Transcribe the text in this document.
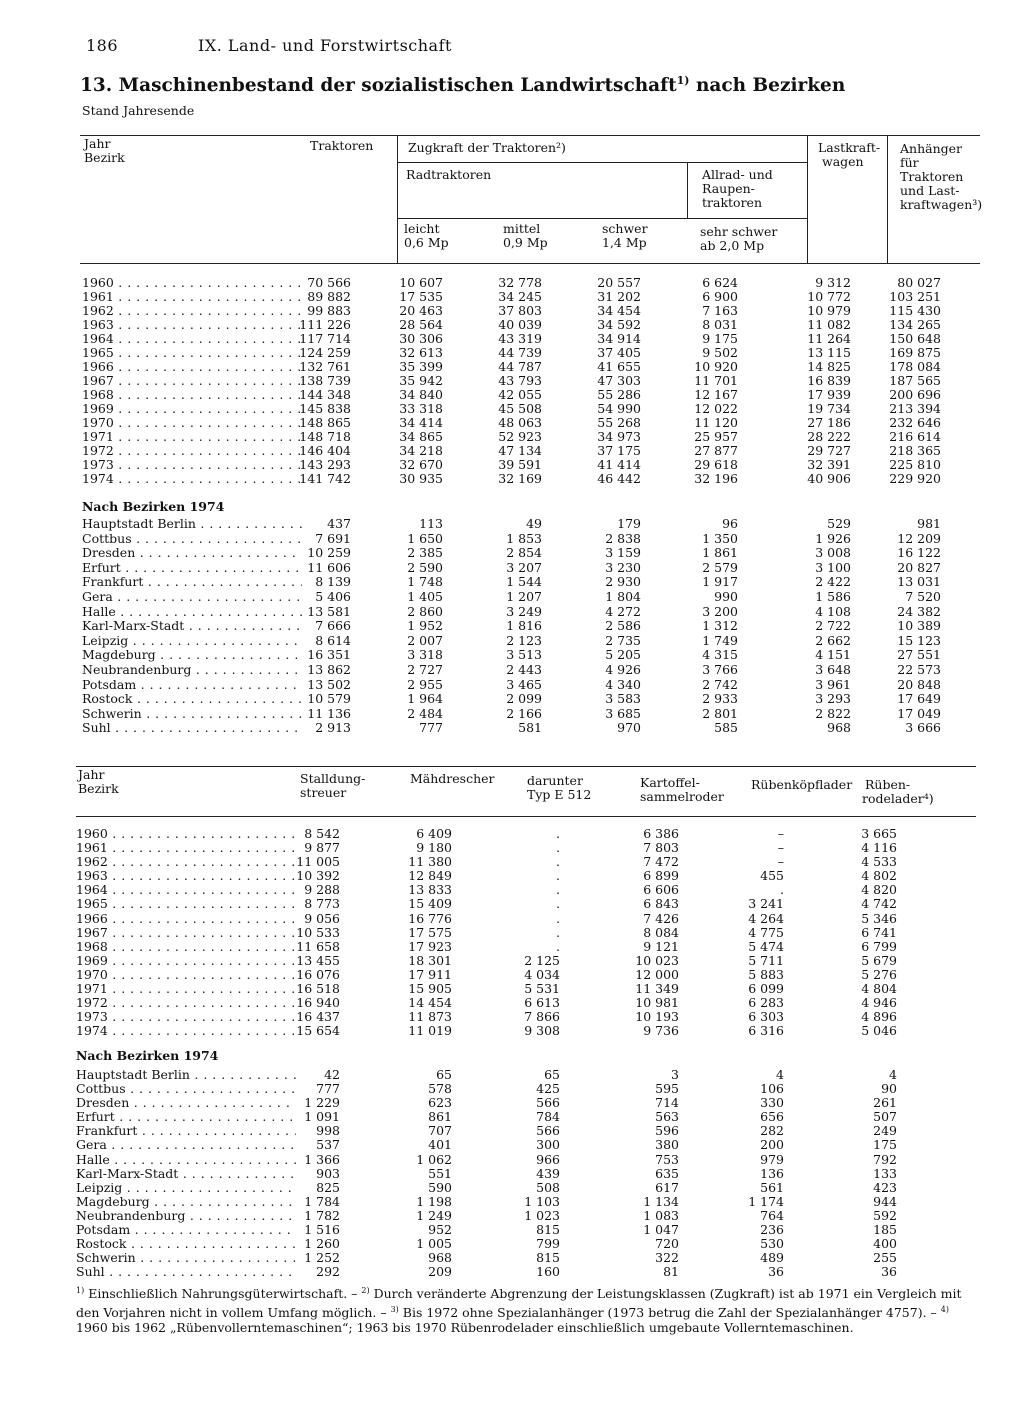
186	IX. Land- und Forstwirtschaft
13. Maschinenbestand der sozialistischen Landwirtschaft$^{1)}$ nach Bezirken
Stand Jahresende
Jahr
Bezirk
Traktoren	Zugkraft der Traktoren²)
Radtraktoren	Allrad- und
Raupen-
traktoren
leicht
0,6 Mp
mittel
0,9 Mp
schwer
1,4 Mp
sehr schwer
ab 2,0 Mp
Lastkraft-
wagen
Anhänger
für
Traktoren
und Last-
kraftwagen³)
1960 . . .	70 566	10 607	32 778	20 557	6 624	9 312	80 027
1961 . . .	89 882	17 535	34 245	31 202	6 900	10 772	103 251
1962 . . .	99 883	20 463	37 803	34 454	7 163	10 979	115 430
1963 . . .	111 226	28 564	40 039	34 592	8 031	11 082	134 265
1964 . . .	117 714	30 306	43 319	34 914	9 175	11 264	150 648
1965 . . .	124 259	32 613	44 739	37 405	9 502	13 115	169 875
1966 . . .	132 761	35 399	44 787	41 655	10 920	14 825	178 084
1967 . . .	138 739	35 942	43 793	47 303	11 701	16 839	187 565
1968 . . .	144 348	34 840	42 055	55 286	12 167	17 939	200 696
1969 . . .	145 838	33 318	45 508	54 990	12 022	19 734	213 394
1970 . . .	148 865	34 414	48 063	55 268	11 120	27 186	232 646
1971 . . .	148 718	34 865	52 923	34 973	25 957	28 222	216 614
1972 . . .	146 404	34 218	47 134	37 175	27 877	29 727	218 365
1973 . . .	143 293	32 670	39 591	41 414	29 618	32 391	225 810
1974 . . .	141 742	30 935	32 169	46 442	32 196	40 906	229 920
Nach Bezirken 1974
Hauptstadt Berlin . . .	437	113	49	179	96	529	981
Cottbus . . .	7 691	1 650	1 853	2 838	1 350	1 926	12 209
Dresden . . .	10 259	2 385	2 854	3 159	1 861	3 008	16 122
Erfurt . . .	11 606	2 590	3 207	3 230	2 579	3 100	20 827
Frankfurt . . .	8 139	1 748	1 544	2 930	1 917	2 422	13 031
Gera . . .	5 406	1 405	1 207	1 804	990	1 586	7 520
Halle . . .	13 581	2 860	3 249	4 272	3 200	4 108	24 382
Karl-Marx-Stadt . . .	7 666	1 952	1 816	2 586	1 312	2 722	10 389
Leipzig . . .	8 614	2 007	2 123	2 735	1 749	2 662	15 123
Magdeburg . . .	16 351	3 318	3 513	5 205	4 315	4 151	27 551
Neubrandenburg . . .	13 862	2 727	2 443	4 926	3 766	3 648	22 573
Potsdam . . .	13 502	2 955	3 465	4 340	2 742	3 961	20 848
Rostock . . .	10 579	1 964	2 099	3 583	2 933	3 293	17 649
Schwerin . . .	11 136	2 484	2 166	3 685	2 801	2 822	17 049
Suhl . . .	2 913	777	581	970	585	968	3 666
Jahr
Bezirk
Stalldung-
streuer
Mähdrescher	darunter
Typ E 512
Kartoffel-
sammelroder
Rübenköpflader Rüben-
rodelader⁴)
1960 . . .	8 542	6 409	.	6 386	–	3 665
1961 . . .	9 877	9 180	.	7 803	–	4 116
1962 . . .	11 005	11 380	.	7 472	–	4 533
1963 . . .	10 392	12 849	.	6 899	455	4 802
1964 . . .	9 288	13 833	.	6 606	.	4 820
1965 . . .	8 773	15 409	.	6 843	3 241	4 742
1966 . . .	9 056	16 776	.	7 426	4 264	5 346
1967 . . .	10 533	17 575	.	8 084	4 775	6 741
1968 . . .	11 658	17 923	.	9 121	5 474	6 799
1969 . . .	13 455	18 301	2 125	10 023	5 711	5 679
1970 . . .	16 076	17 911	4 034	12 000	5 883	5 276
1971 . . .	16 518	15 905	5 531	11 349	6 099	4 804
1972 . . .	16 940	14 454	6 613	10 981	6 283	4 946
1973 . . .	16 437	11 873	7 866	10 193	6 303	4 896
1974 . . .	15 654	11 019	9 308	9 736	6 316	5 046
Nach Bezirken 1974
Hauptstadt Berlin . . .	42	65	65	3	4	4
Cottbus . . .	777	578	425	595	106	90
Dresden . . .	1 229	623	566	714	330	261
Erfurt . . .	1 091	861	784	563	656	507
Frankfurt . . .	998	707	566	596	282	249
Gera . . .	537	401	300	380	200	175
Halle . . .	1 366	1 062	966	753	979	792
Karl-Marx-Stadt . . .	903	551	439	635	136	133
Leipzig . . .	825	590	508	617	561	423
Magdeburg . . .	1 784	1 198	1 103	1 134	1 174	944
Neubrandenburg . . .	1 782	1 249	1 023	1 083	764	592
Potsdam . . .	1 516	952	815	1 047	236	185
Rostock . . .	1 260	1 005	799	720	530	400
Schwerin . . .	1 252	968	815	322	489	255
Suhl . . .	292	209	160	81	36	36
$^{1)}$ Einschließlich Nahrungsgüterwirtschaft. – $^{2)}$ Durch veränderte Abgrenzung der Leistungsklassen (Zugkraft) ist ab 1971 ein Vergleich mit den Vorjahren nicht in vollem Umfang möglich. – $^{3)}$ Bis 1972 ohne Spezialanhänger (1973 betrug die Zahl der Spezialanhänger 4757). – $^{4)}$ 1960 bis 1962 „Rübenvollerntemaschinen“; 1963 bis 1970 Rübenrodelader einschließlich umgebaute Vollerntemaschinen.
